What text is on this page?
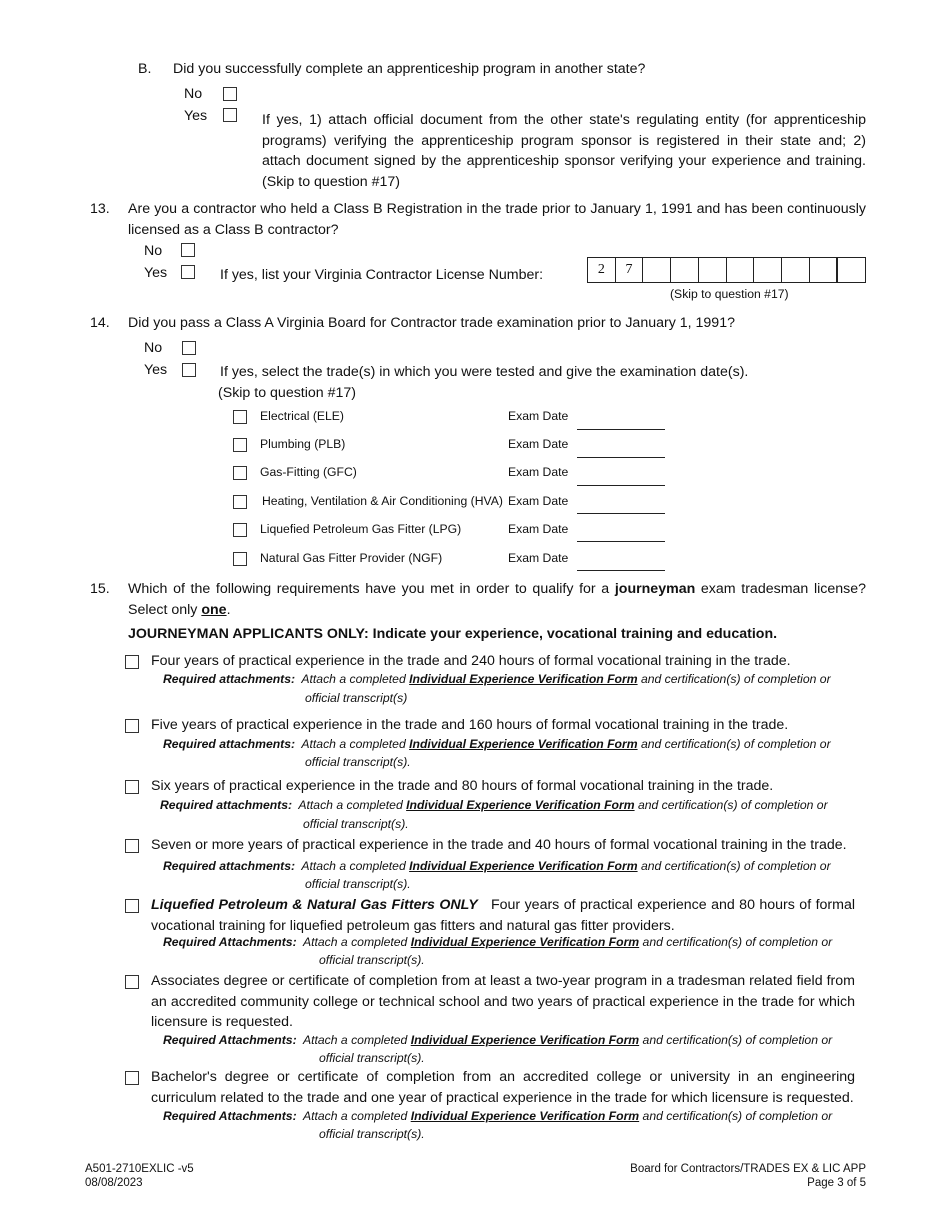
B. Did you successfully complete an apprenticeship program in another state?
No
Yes	If yes, 1) attach official document from the other state's regulating entity (for apprenticeship programs) verifying the apprenticeship program sponsor is registered in their state and; 2) attach document signed by the apprenticeship sponsor verifying your experience and training. (Skip to question #17)
13. Are you a contractor who held a Class B Registration in the trade prior to January 1, 1991 and has been continuously licensed as a Class B contractor?
No
Yes	If yes, list your Virginia Contractor License Number:	2	7
(Skip to question #17)
14. Did you pass a Class A Virginia Board for Contractor trade examination prior to January 1, 1991?
No
Yes	If yes, select the trade(s) in which you were tested and give the examination date(s).
(Skip to question #17)
Electrical (ELE)	Exam Date
Plumbing (PLB)	Exam Date
Gas-Fitting (GFC)	Exam Date
Heating, Ventilation & Air Conditioning (HVA) Exam Date
Liquefied Petroleum Gas Fitter (LPG)	Exam Date
Natural Gas Fitter Provider (NGF)	Exam Date
15. Which of the following requirements have you met in order to qualify for a journeyman exam tradesman license? Select only one.
JOURNEYMAN APPLICANTS ONLY: Indicate your experience, vocational training and education.
Four years of practical experience in the trade and 240 hours of formal vocational training in the trade.
Required attachments: Attach a completed Individual Experience Verification Form and certification(s) of completion or
official transcript(s)
Five years of practical experience in the trade and 160 hours of formal vocational training in the trade.
Required attachments: Attach a completed Individual Experience Verification Form and certification(s) of completion or
official transcript(s).
Six years of practical experience in the trade and 80 hours of formal vocational training in the trade.
Required attachments: Attach a completed Individual Experience Verification Form and certification(s) of completion or
official transcript(s).
Seven or more years of practical experience in the trade and 40 hours of formal vocational training in the trade.
Required attachments: Attach a completed Individual Experience Verification Form and certification(s) of completion or
official transcript(s).
Liquefied Petroleum & Natural Gas Fitters ONLY Four years of practical experience and 80 hours of formal vocational training for liquefied petroleum gas fitters and natural gas fitter providers.
Required Attachments: Attach a completed Individual Experience Verification Form and certification(s) of completion or
official transcript(s).
Associates degree or certificate of completion from at least a two-year program in a tradesman related field from an accredited community college or technical school and two years of practical experience in the trade for which licensure is requested.
Required Attachments: Attach a completed Individual Experience Verification Form and certification(s) of completion or
official transcript(s).
Bachelor's degree or certificate of completion from an accredited college or university in an engineering curriculum related to the trade and one year of practical experience in the trade for which licensure is requested.
Required Attachments: Attach a completed Individual Experience Verification Form and certification(s) of completion or
official transcript(s).
A501-2710EXLIC -v5
08/08/2023
Board for Contractors/TRADES EX & LIC APP
Page 3 of 5
